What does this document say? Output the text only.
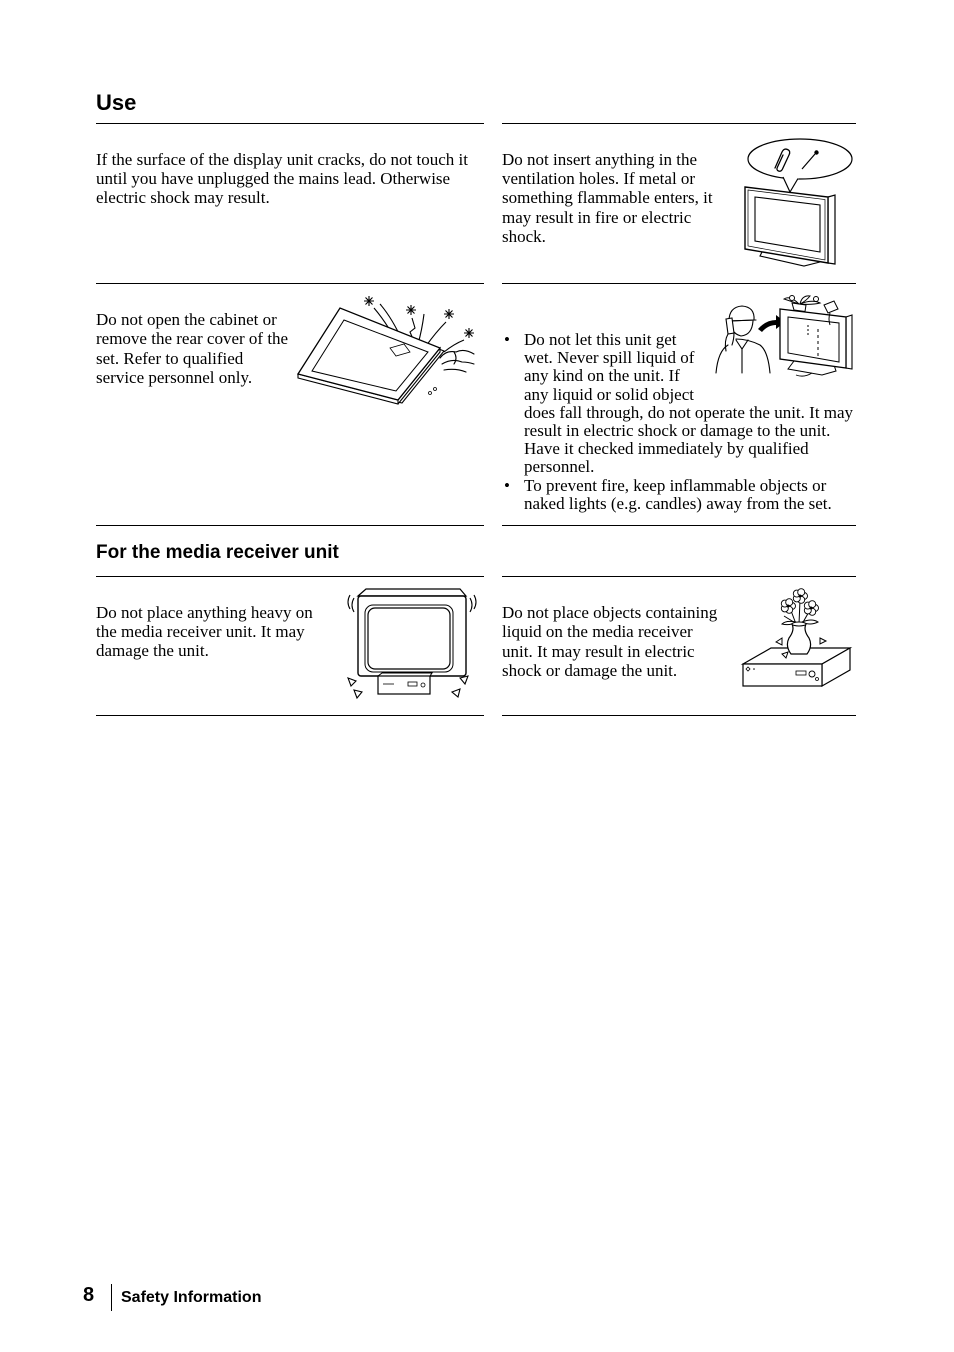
Use

If the surface of the display unit cracks, do not touch it
until you have unplugged the mains lead. Otherwise
electric shock may result.

Do not insert anything in the
ventilation holes. If metal or
something flammable enters, it
may result in fire or electric
shock.

Do not open the cabinet or
remove the rear cover of the
set. Refer to qualified
service personnel only.

• Do not let this unit get
wet. Never spill liquid of
any kind on the unit. If
any liquid or solid object
does fall through, do not operate the unit. It may
result in electric shock or damage to the unit.
Have it checked immediately by qualified
personnel.
• To prevent fire, keep inflammable objects or
naked lights (e.g. candles) away from the set.
For the media receiver unit

Do not place anything heavy on
the media receiver unit. It may
damage the unit.

Do not place objects containing
liquid on the media receiver
unit. It may result in electric
shock or damage the unit.

8 Safety Information
